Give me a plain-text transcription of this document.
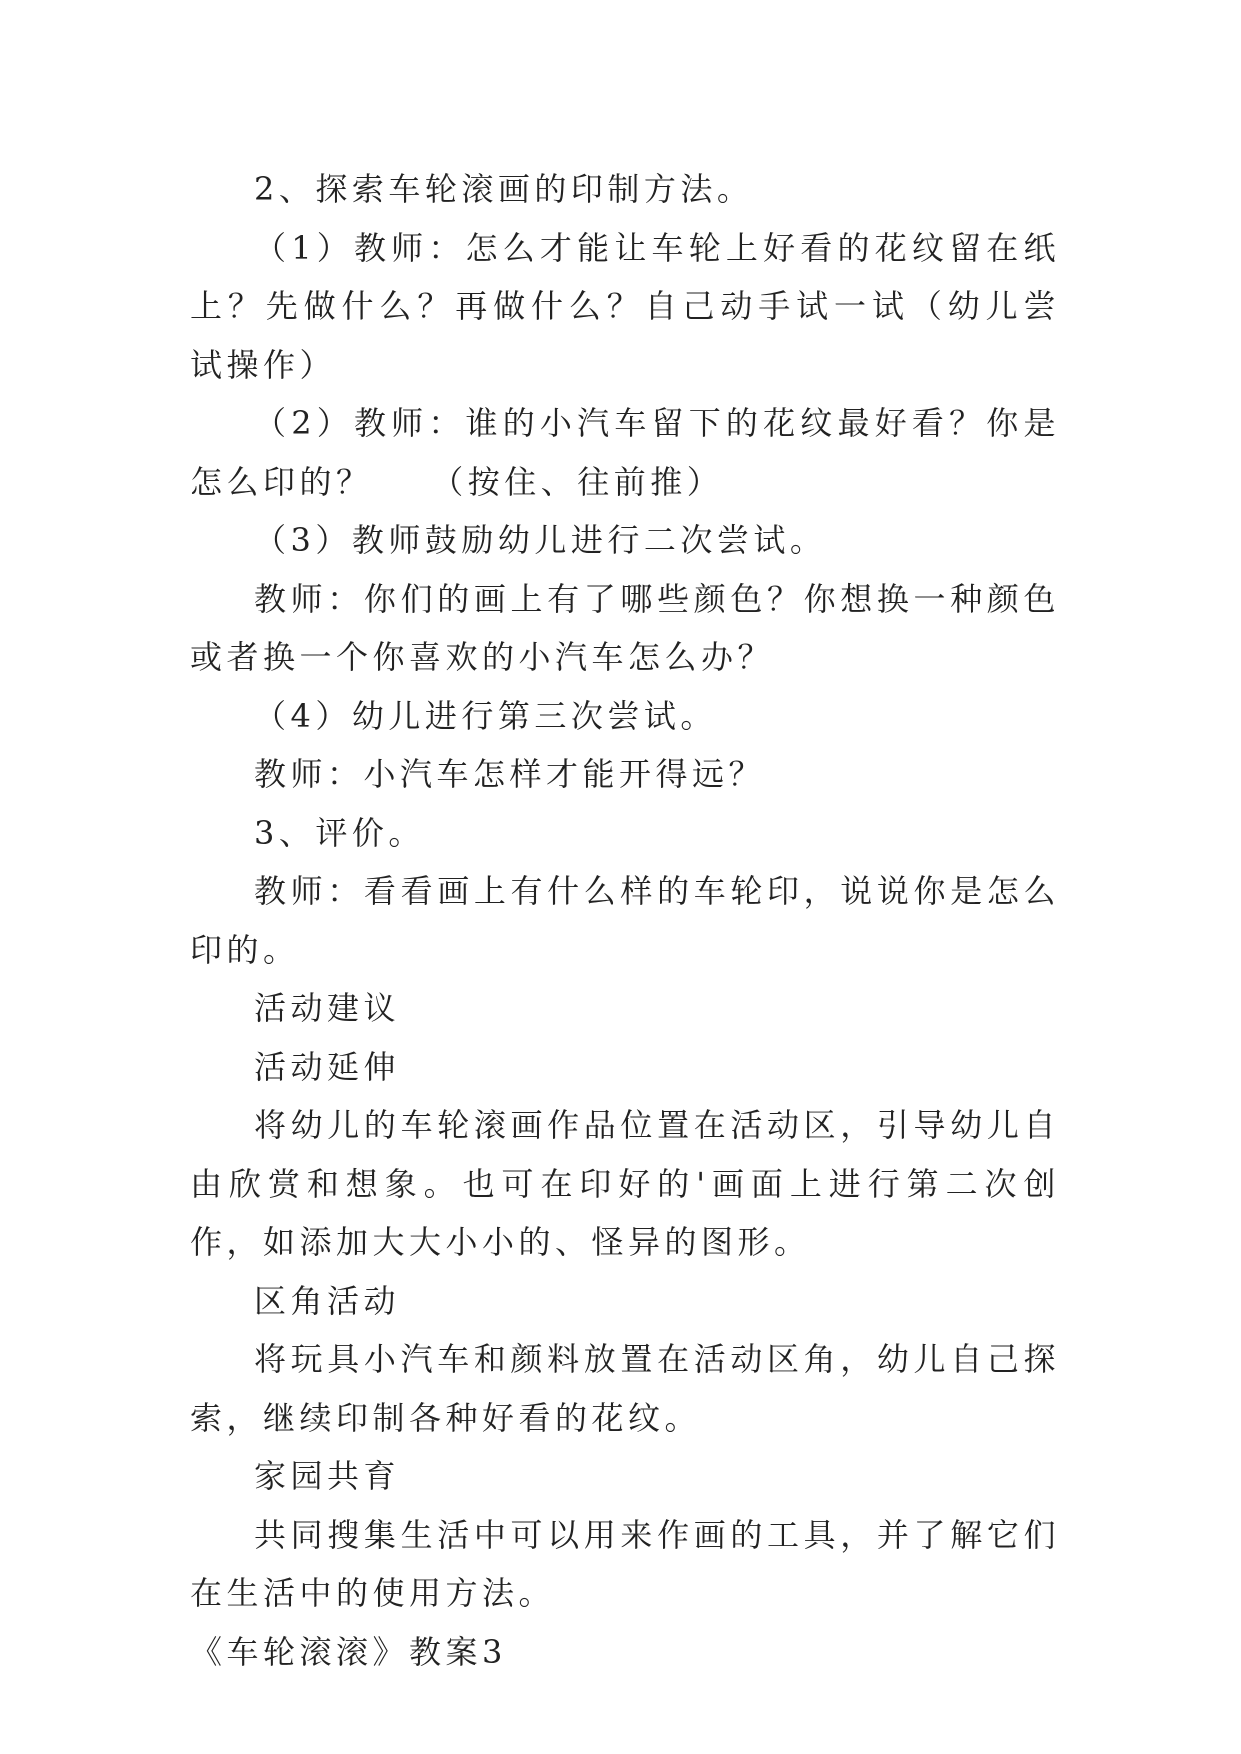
2、探索车轮滚画的印制方法。

（1）教师：怎么才能让车轮上好看的花纹留在纸上？先做什么？再做什么？自己动手试一试（幼儿尝试操作）

（2）教师：谁的小汽车留下的花纹最好看？你是怎么印的？    （按住、往前推）

（3）教师鼓励幼儿进行二次尝试。

教师：你们的画上有了哪些颜色？你想换一种颜色或者换一个你喜欢的小汽车怎么办？

（4）幼儿进行第三次尝试。

教师：小汽车怎样才能开得远？

3、评价。

教师：看看画上有什么样的车轮印，说说你是怎么印的。

活动建议

活动延伸

将幼儿的车轮滚画作品位置在活动区，引导幼儿自由欣赏和想象。也可在印好的'画面上进行第二次创作，如添加大大小小的、怪异的图形。

区角活动

将玩具小汽车和颜料放置在活动区角，幼儿自己探索，继续印制各种好看的花纹。

家园共育

共同搜集生活中可以用来作画的工具，并了解它们在生活中的使用方法。

《车轮滚滚》教案3
